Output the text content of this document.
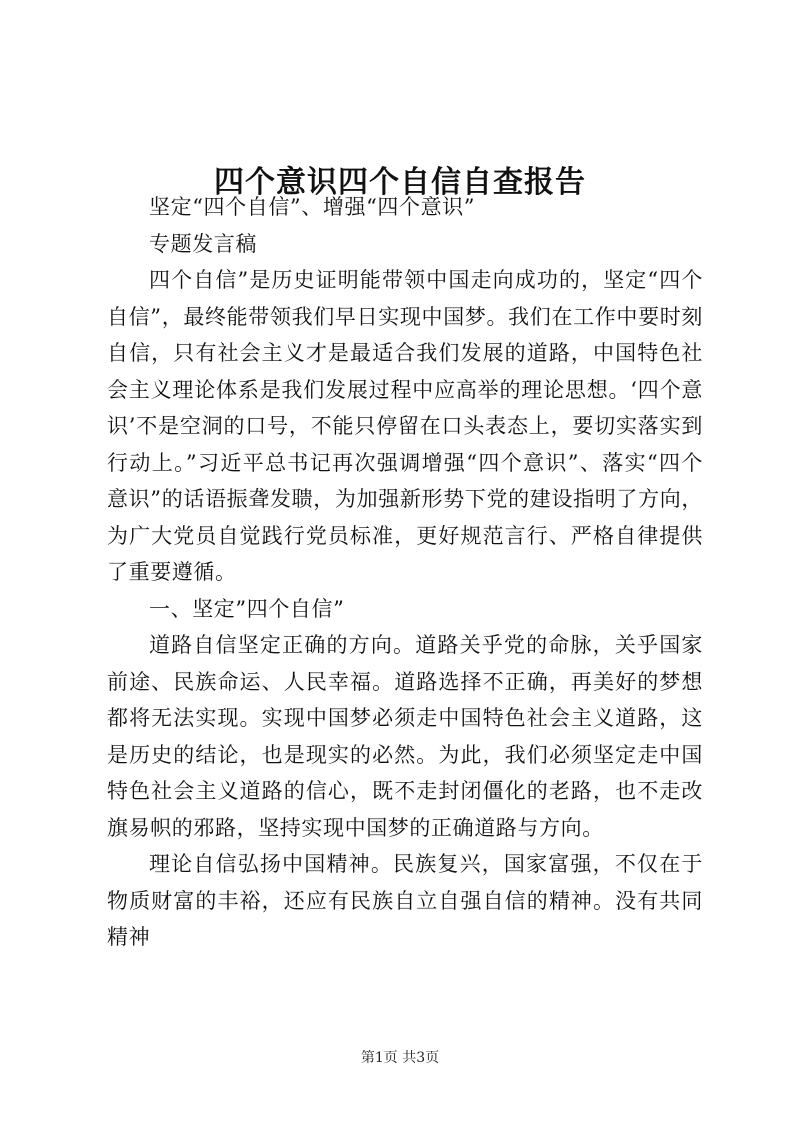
四个意识四个自信自查报告

坚定“四个自信”、增强“四个意识”

专题发言稿

四个自信”是历史证明能带领中国走向成功的，坚定“四个自信”，最终能带领我们早日实现中国梦。我们在工作中要时刻自信，只有社会主义才是最适合我们发展的道路，中国特色社会主义理论体系是我们发展过程中应高举的理论思想。‘四个意识’不是空洞的口号，不能只停留在口头表态上，要切实落实到行动上。”习近平总书记再次强调增强“四个意识”、落实“四个意识”的话语振聋发聩，为加强新形势下党的建设指明了方向，为广大党员自觉践行党员标准，更好规范言行、严格自律提供了重要遵循。

一、坚定”四个自信”

道路自信坚定正确的方向。道路关乎党的命脉，关乎国家前途、民族命运、人民幸福。道路选择不正确，再美好的梦想都将无法实现。实现中国梦必须走中国特色社会主义道路，这是历史的结论，也是现实的必然。为此，我们必须坚定走中国特色社会主义道路的信心，既不走封闭僵化的老路，也不走改旗易帜的邪路，坚持实现中国梦的正确道路与方向。

理论自信弘扬中国精神。民族复兴，国家富强，不仅在于物质财富的丰裕，还应有民族自立自强自信的精神。没有共同精神

第1页 共3页
